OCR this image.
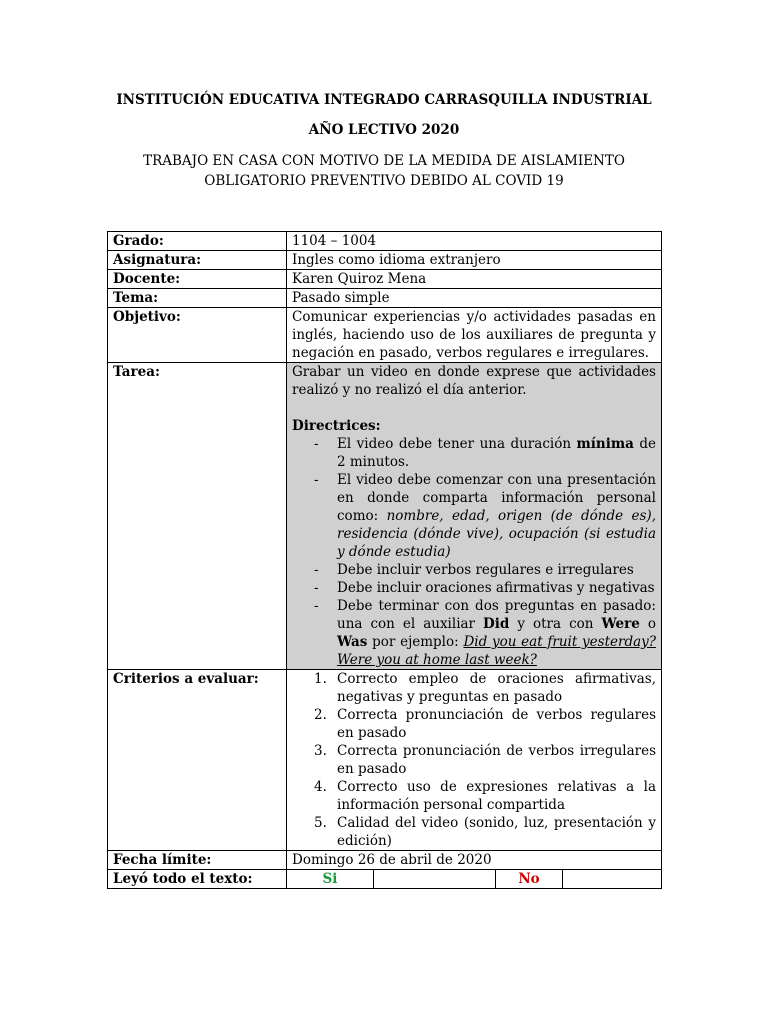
INSTITUCIÓN EDUCATIVA INTEGRADO CARRASQUILLA INDUSTRIAL
AÑO LECTIVO 2020
TRABAJO EN CASA CON MOTIVO DE LA MEDIDA DE AISLAMIENTO
OBLIGATORIO PREVENTIVO DEBIDO AL COVID 19
Grado:	1104 – 1004
Asignatura:	Ingles como idioma extranjero
Docente:	Karen Quiroz Mena
Tema:	Pasado simple
Objetivo:	Comunicar experiencias y/o actividades pasadas en inglés, haciendo uso de los auxiliares de pregunta y negación en pasado, verbos regulares e irregulares.
Tarea:	Grabar un video en donde exprese que actividades realizó y no realizó el día anterior.
Directrices:
- El video debe tener una duración mínima de 2 minutos.
- El video debe comenzar con una presentación en donde comparta información personal como: nombre, edad, origen (de dónde es), residencia (dónde vive), ocupación (si estudia y dónde estudia)
- Debe incluir verbos regulares e irregulares
- Debe incluir oraciones afirmativas y negativas
- Debe terminar con dos preguntas en pasado: una con el auxiliar Did y otra con Were o Was por ejemplo: Did you eat fruit yesterday? Were you at home last week?

Criterios a evaluar:	1. Correcto empleo de oraciones afirmativas, negativas y preguntas en pasado
2. Correcta pronunciación de verbos regulares en pasado
3. Correcta pronunciación de verbos irregulares en pasado
4. Correcto uso de expresiones relativas a la información personal compartida
5. Calidad del video (sonido, luz, presentación y edición)

Fecha límite:	Domingo 26 de abril de 2020
Leyó todo el texto:		Si		No	
